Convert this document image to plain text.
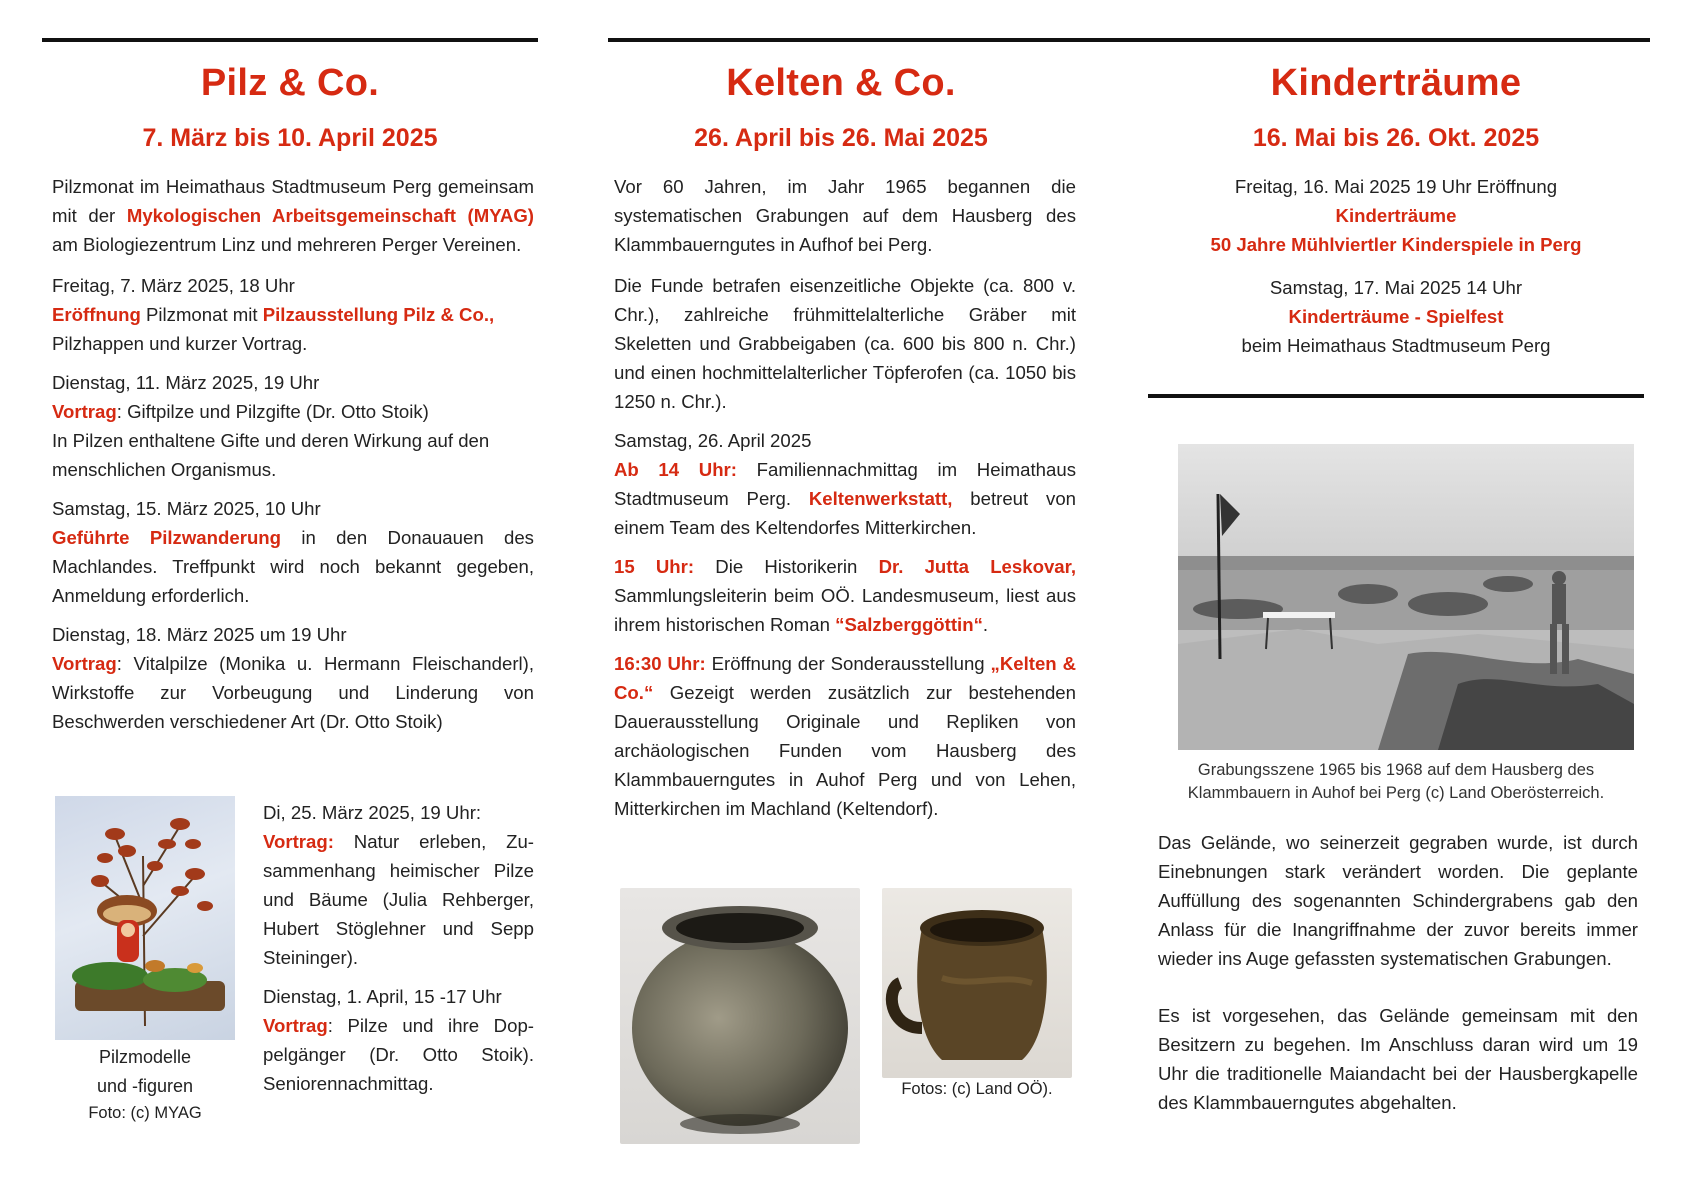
Pilz & Co.
7. März bis 10. April 2025

Pilzmonat im Heimathaus Stadtmuseum Perg gemeinsam mit der Mykologischen Arbeitsgemeinschaft (MYAG) am Biologiezentrum Linz und mehreren Perger Vereinen.

Freitag, 7. März 2025, 18 Uhr
Eröffnung Pilzmonat mit Pilzausstellung Pilz & Co.,
Pilzhappen und kurzer Vortrag.

Dienstag, 11. März 2025, 19 Uhr
Vortrag: Giftpilze und Pilzgifte (Dr. Otto Stoik)
In Pilzen enthaltene Gifte und deren Wirkung auf den menschlichen Organismus.

Samstag, 15. März 2025, 10 Uhr
Geführte Pilzwanderung in den Donauauen des Machlandes. Treffpunkt wird noch bekannt gegeben, Anmeldung erforderlich.

Dienstag, 18. März 2025 um 19 Uhr
Vortrag: Vitalpilze (Monika u. Hermann Fleischanderl), Wirkstoffe zur Vorbeugung und Linderung von Beschwerden verschiedener Art (Dr. Otto Stoik)

Pilzmodelle
und -figuren
Foto: (c) MYAG

Di, 25. März 2025, 19 Uhr:
Vortrag: Natur erleben, Zusammenhang heimischer Pilze und Bäume (Julia Rehberger, Hubert Stöglehner und Sepp Steininger).

Dienstag, 1. April, 15 -17 Uhr
Vortrag: Pilze und ihre Doppelgänger (Dr. Otto Stoik). Seniorennachmittag.

Kelten & Co.
26. April bis 26. Mai 2025

Vor 60 Jahren, im Jahr 1965 begannen die systematischen Grabungen auf dem Hausberg des Klammbauerngutes in Aufhof bei Perg.

Die Funde betrafen eisenzeitliche Objekte (ca. 800 v. Chr.), zahlreiche frühmittelalterliche Gräber mit Skeletten und Grabbeigaben (ca. 600 bis 800 n. Chr.) und einen hochmittelalterlicher Töpferofen (ca. 1050 bis 1250 n. Chr.).

Samstag, 26. April 2025
Ab 14 Uhr: Familiennachmittag im Heimathaus Stadtmuseum Perg. Keltenwerkstatt, betreut von einem Team des Keltendorfes Mitterkirchen.

15 Uhr: Die Historikerin Dr. Jutta Leskovar, Sammlungsleiterin beim OÖ. Landesmuseum, liest aus ihrem historischen Roman “Salzberggöttin“.

16:30 Uhr: Eröffnung der Sonderausstellung „Kelten & Co.“ Gezeigt werden zusätzlich zur bestehenden Dauerausstellung Originale und Repliken von archäologischen Funden vom Hausberg des Klammbauerngutes in Auhof Perg und von Lehen, Mitterkirchen im Machland (Keltendorf).

Fotos: (c) Land OÖ).
Kinderträume
16. Mai bis 26. Okt. 2025

Freitag, 16. Mai 2025 19 Uhr Eröffnung

Kinderträume

50 Jahre Mühlviertler Kinderspiele in Perg

Samstag, 17. Mai 2025 14 Uhr

Kinderträume - Spielfest

beim Heimathaus Stadtmuseum Perg

Grabungsszene 1965 bis 1968 auf dem Hausberg des
Klammbauern in Auhof bei Perg (c) Land Oberösterreich.

Das Gelände, wo seinerzeit gegraben wurde, ist durch Einebnungen stark verändert worden. Die geplante Auffüllung des sogenannten Schindergrabens gab den Anlass für die Inangriffnahme der zuvor bereits immer wieder ins Auge gefassten systematischen Grabungen.

Es ist vorgesehen, das Gelände gemeinsam mit den Besitzern zu begehen. Im Anschluss daran wird um 19 Uhr die traditionelle Maiandacht bei der Hausbergkapelle des Klammbauerngutes abgehalten.
